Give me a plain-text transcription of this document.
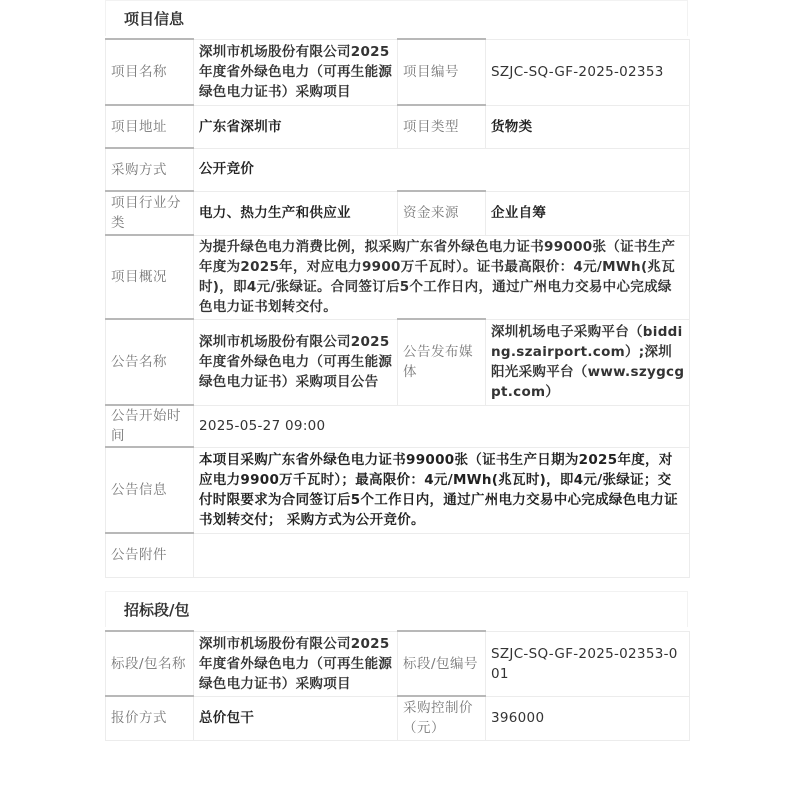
项目信息
项目名称	深圳市机场股份有限公司2025年度省外绿色电力（可再生能源绿色电力证书）采购项目	项目编号	SZJC-SQ-GF-2025-02353
项目地址	广东省深圳市	项目类型	货物类
采购方式	公开竞价		
项目行业分类	电力、热力生产和供应业	资金来源	企业自筹
项目概况	为提升绿色电力消费比例，拟采购广东省外绿色电力证书99000张（证书生产年度为2025年，对应电力9900万千瓦时）。证书最高限价：4元/MWh(兆瓦时)，即4元/张绿证。合同签订后5个工作日内，通过广州电力交易中心完成绿色电力证书划转交付。		
公告名称	深圳市机场股份有限公司2025年度省外绿色电力（可再生能源绿色电力证书）采购项目公告	公告发布媒体	深圳机场电子采购平台（bidding.szairport.com）;深圳阳光采购平台（www.szygcgpt.com）
公告开始时间	2025-05-27 09:00		
公告信息	本项目采购广东省外绿色电力证书99000张（证书生产日期为2025年度，对应电力9900万千瓦时）；最高限价：4元/MWh(兆瓦时)，即4元/张绿证；交付时限要求为合同签订后5个工作日内，通过广州电力交易中心完成绿色电力证书划转交付； 采购方式为公开竞价。		
公告附件			
招标段/包
标段/包名称	深圳市机场股份有限公司2025年度省外绿色电力（可再生能源绿色电力证书）采购项目	标段/包编号	SZJC-SQ-GF-2025-02353-001
报价方式	总价包干	采购控制价（元）	396000
